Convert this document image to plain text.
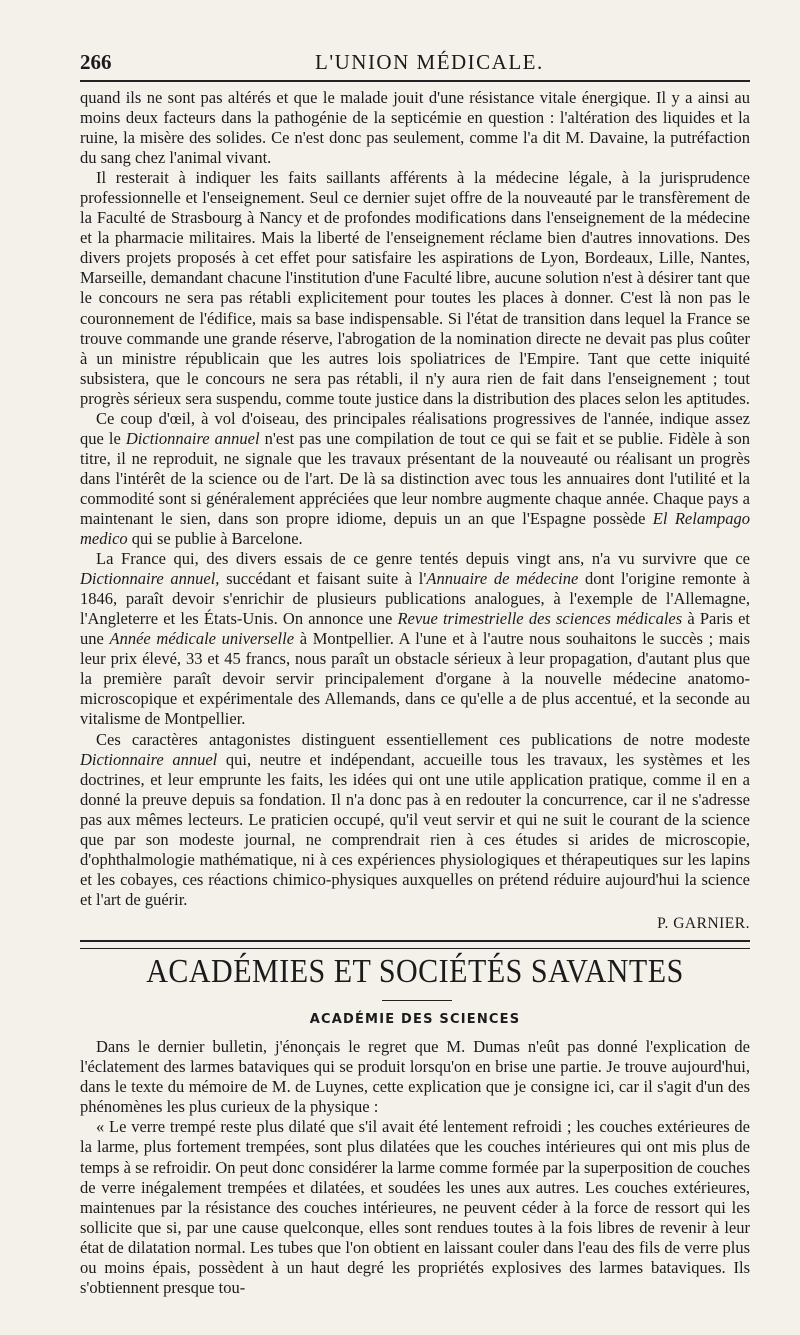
266	L'UNION MÉDICALE.

quand ils ne sont pas altérés et que le malade jouit d'une résistance vitale énergique. Il y a ainsi au moins deux facteurs dans la pathogénie de la septicémie en question : l'altération des liquides et la ruine, la misère des solides. Ce n'est donc pas seulement, comme l'a dit M. Davaine, la putréfaction du sang chez l'animal vivant.

Il resterait à indiquer les faits saillants afférents à la médecine légale, à la jurisprudence professionnelle et l'enseignement. Seul ce dernier sujet offre de la nouveauté par le transfèrement de la Faculté de Strasbourg à Nancy et de profondes modifications dans l'enseignement de la médecine et la pharmacie militaires. Mais la liberté de l'enseignement réclame bien d'autres innovations. Des divers projets proposés à cet effet pour satisfaire les aspirations de Lyon, Bordeaux, Lille, Nantes, Marseille, demandant chacune l'institution d'une Faculté libre, aucune solution n'est à désirer tant que le concours ne sera pas rétabli explicitement pour toutes les places à donner. C'est là non pas le couronnement de l'édifice, mais sa base indispensable. Si l'état de transition dans lequel la France se trouve commande une grande réserve, l'abrogation de la nomination directe ne devait pas plus coûter à un ministre républicain que les autres lois spoliatrices de l'Empire. Tant que cette iniquité subsistera, que le concours ne sera pas rétabli, il n'y aura rien de fait dans l'enseignement ; tout progrès sérieux sera suspendu, comme toute justice dans la distribution des places selon les aptitudes.

Ce coup d'œil, à vol d'oiseau, des principales réalisations progressives de l'année, indique assez que le Dictionnaire annuel n'est pas une compilation de tout ce qui se fait et se publie. Fidèle à son titre, il ne reproduit, ne signale que les travaux présentant de la nouveauté ou réalisant un progrès dans l'intérêt de la science ou de l'art. De là sa distinction avec tous les annuaires dont l'utilité et la commodité sont si généralement appréciées que leur nombre augmente chaque année. Chaque pays a maintenant le sien, dans son propre idiome, depuis un an que l'Espagne possède El Relampago medico qui se publie à Barcelone.

La France qui, des divers essais de ce genre tentés depuis vingt ans, n'a vu survivre que ce Dictionnaire annuel, succédant et faisant suite à l'Annuaire de médecine dont l'origine remonte à 1846, paraît devoir s'enrichir de plusieurs publications analogues, à l'exemple de l'Allemagne, l'Angleterre et les États-Unis. On annonce une Revue trimestrielle des sciences médicales à Paris et une Année médicale universelle à Montpellier. A l'une et à l'autre nous souhaitons le succès ; mais leur prix élevé, 33 et 45 francs, nous paraît un obstacle sérieux à leur propagation, d'autant plus que la première paraît devoir servir principalement d'organe à la nouvelle médecine anatomo-microscopique et expérimentale des Allemands, dans ce qu'elle a de plus accentué, et la seconde au vitalisme de Montpellier.

Ces caractères antagonistes distinguent essentiellement ces publications de notre modeste Dictionnaire annuel qui, neutre et indépendant, accueille tous les travaux, les systèmes et les doctrines, et leur emprunte les faits, les idées qui ont une utile application pratique, comme il en a donné la preuve depuis sa fondation. Il n'a donc pas à en redouter la concurrence, car il ne s'adresse pas aux mêmes lecteurs. Le praticien occupé, qu'il veut servir et qui ne suit le courant de la science que par son modeste journal, ne comprendrait rien à ces études si arides de microscopie, d'ophthalmologie mathématique, ni à ces expériences physiologiques et thérapeutiques sur les lapins et les cobayes, ces réactions chimico-physiques auxquelles on prétend réduire aujourd'hui la science et l'art de guérir.

P. GARNIER.
ACADÉMIES ET SOCIÉTÉS SAVANTES
ACADÉMIE DES SCIENCES

Dans le dernier bulletin, j'énonçais le regret que M. Dumas n'eût pas donné l'explication de l'éclatement des larmes bataviques qui se produit lorsqu'on en brise une partie. Je trouve aujourd'hui, dans le texte du mémoire de M. de Luynes, cette explication que je consigne ici, car il s'agit d'un des phénomènes les plus curieux de la physique :

« Le verre trempé reste plus dilaté que s'il avait été lentement refroidi ; les couches extérieures de la larme, plus fortement trempées, sont plus dilatées que les couches intérieures qui ont mis plus de temps à se refroidir. On peut donc considérer la larme comme formée par la superposition de couches de verre inégalement trempées et dilatées, et soudées les unes aux autres. Les couches extérieures, maintenues par la résistance des couches intérieures, ne peuvent céder à la force de ressort qui les sollicite que si, par une cause quelconque, elles sont rendues toutes à la fois libres de revenir à leur état de dilatation normal. Les tubes que l'on obtient en laissant couler dans l'eau des fils de verre plus ou moins épais, possèdent à un haut degré les propriétés explosives des larmes bataviques. Ils s'obtiennent presque tou-
